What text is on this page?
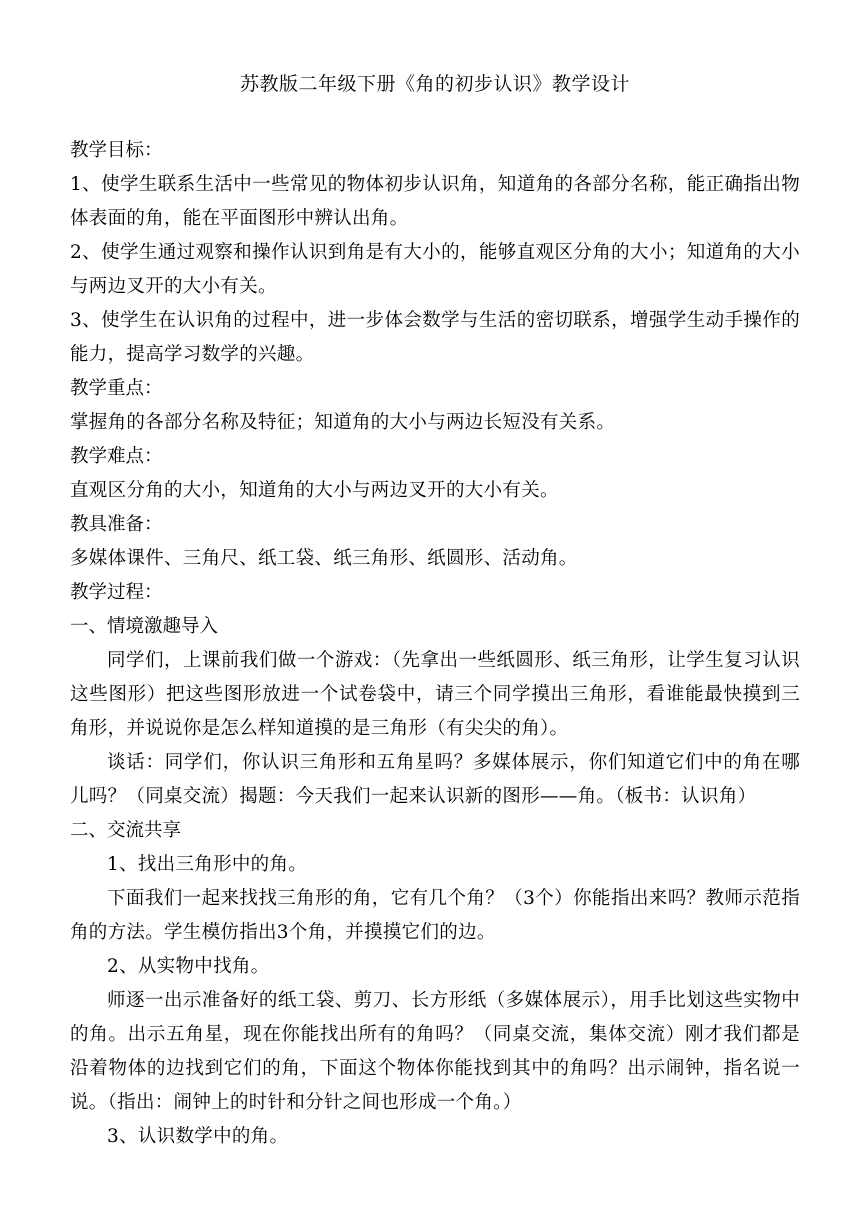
苏教版二年级下册《角的初步认识》教学设计

教学目标：

1、使学生联系生活中一些常见的物体初步认识角，知道角的各部分名称，能正确指出物体表面的角，能在平面图形中辨认出角。

2、使学生通过观察和操作认识到角是有大小的，能够直观区分角的大小；知道角的大小与两边叉开的大小有关。

3、使学生在认识角的过程中，进一步体会数学与生活的密切联系，增强学生动手操作的能力，提高学习数学的兴趣。

教学重点：

掌握角的各部分名称及特征；知道角的大小与两边长短没有关系。

教学难点：

直观区分角的大小，知道角的大小与两边叉开的大小有关。

教具准备：

多媒体课件、三角尺、纸工袋、纸三角形、纸圆形、活动角。

教学过程：

一、情境激趣导入

同学们，上课前我们做一个游戏：（先拿出一些纸圆形、纸三角形，让学生复习认识这些图形）把这些图形放进一个试卷袋中，请三个同学摸出三角形，看谁能最快摸到三角形，并说说你是怎么样知道摸的是三角形（有尖尖的角）。

谈话：同学们，你认识三角形和五角星吗？多媒体展示，你们知道它们中的角在哪儿吗？（同桌交流）揭题：今天我们一起来认识新的图形——角。（板书：认识角）

二、交流共享

1、找出三角形中的角。

下面我们一起来找找三角形的角，它有几个角？（3个）你能指出来吗？教师示范指角的方法。学生模仿指出3个角，并摸摸它们的边。

2、从实物中找角。

师逐一出示准备好的纸工袋、剪刀、长方形纸（多媒体展示），用手比划这些实物中的角。出示五角星，现在你能找出所有的角吗？（同桌交流，集体交流）刚才我们都是沿着物体的边找到它们的角，下面这个物体你能找到其中的角吗？出示闹钟，指名说一说。（指出：闹钟上的时针和分针之间也形成一个角。）

3、认识数学中的角。
